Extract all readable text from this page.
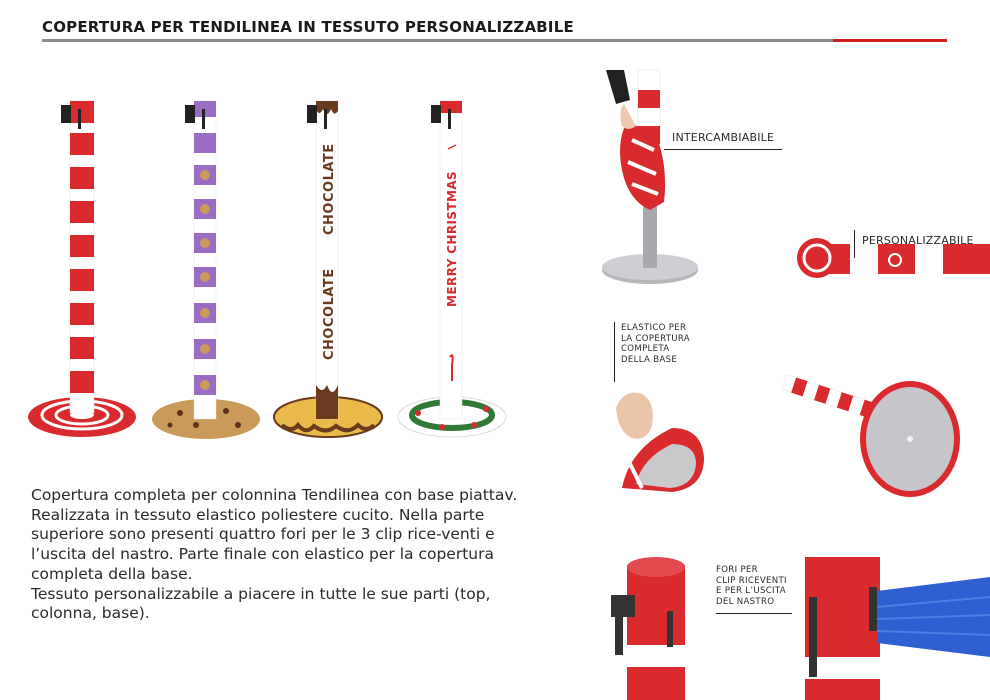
COPERTURA PER TENDILINEA IN TESSUTO PERSONALIZZABILE
CHOCOLATE
CHOCOLATE
MERRY CHRISTMAS

Copertura completa per colonnina Tendilinea con base piattav. Realizzata in tessuto elastico poliestere cucito. Nella parte superiore sono presenti quattro fori per le 3 clip rice-venti e l’uscita del nastro. Parte finale con elastico per la copertura completa della base.

Tessuto personalizzabile a piacere in tutte le sue parti (top, colonna, base).

INTERCAMBIABILE
PERSONALIZZABILE
ELASTICO PER
LA COPERTURA
COMPLETA
DELLA BASE
FORI PER
CLIP RICEVENTI
E PER L’USCITA
DEL NASTRO
